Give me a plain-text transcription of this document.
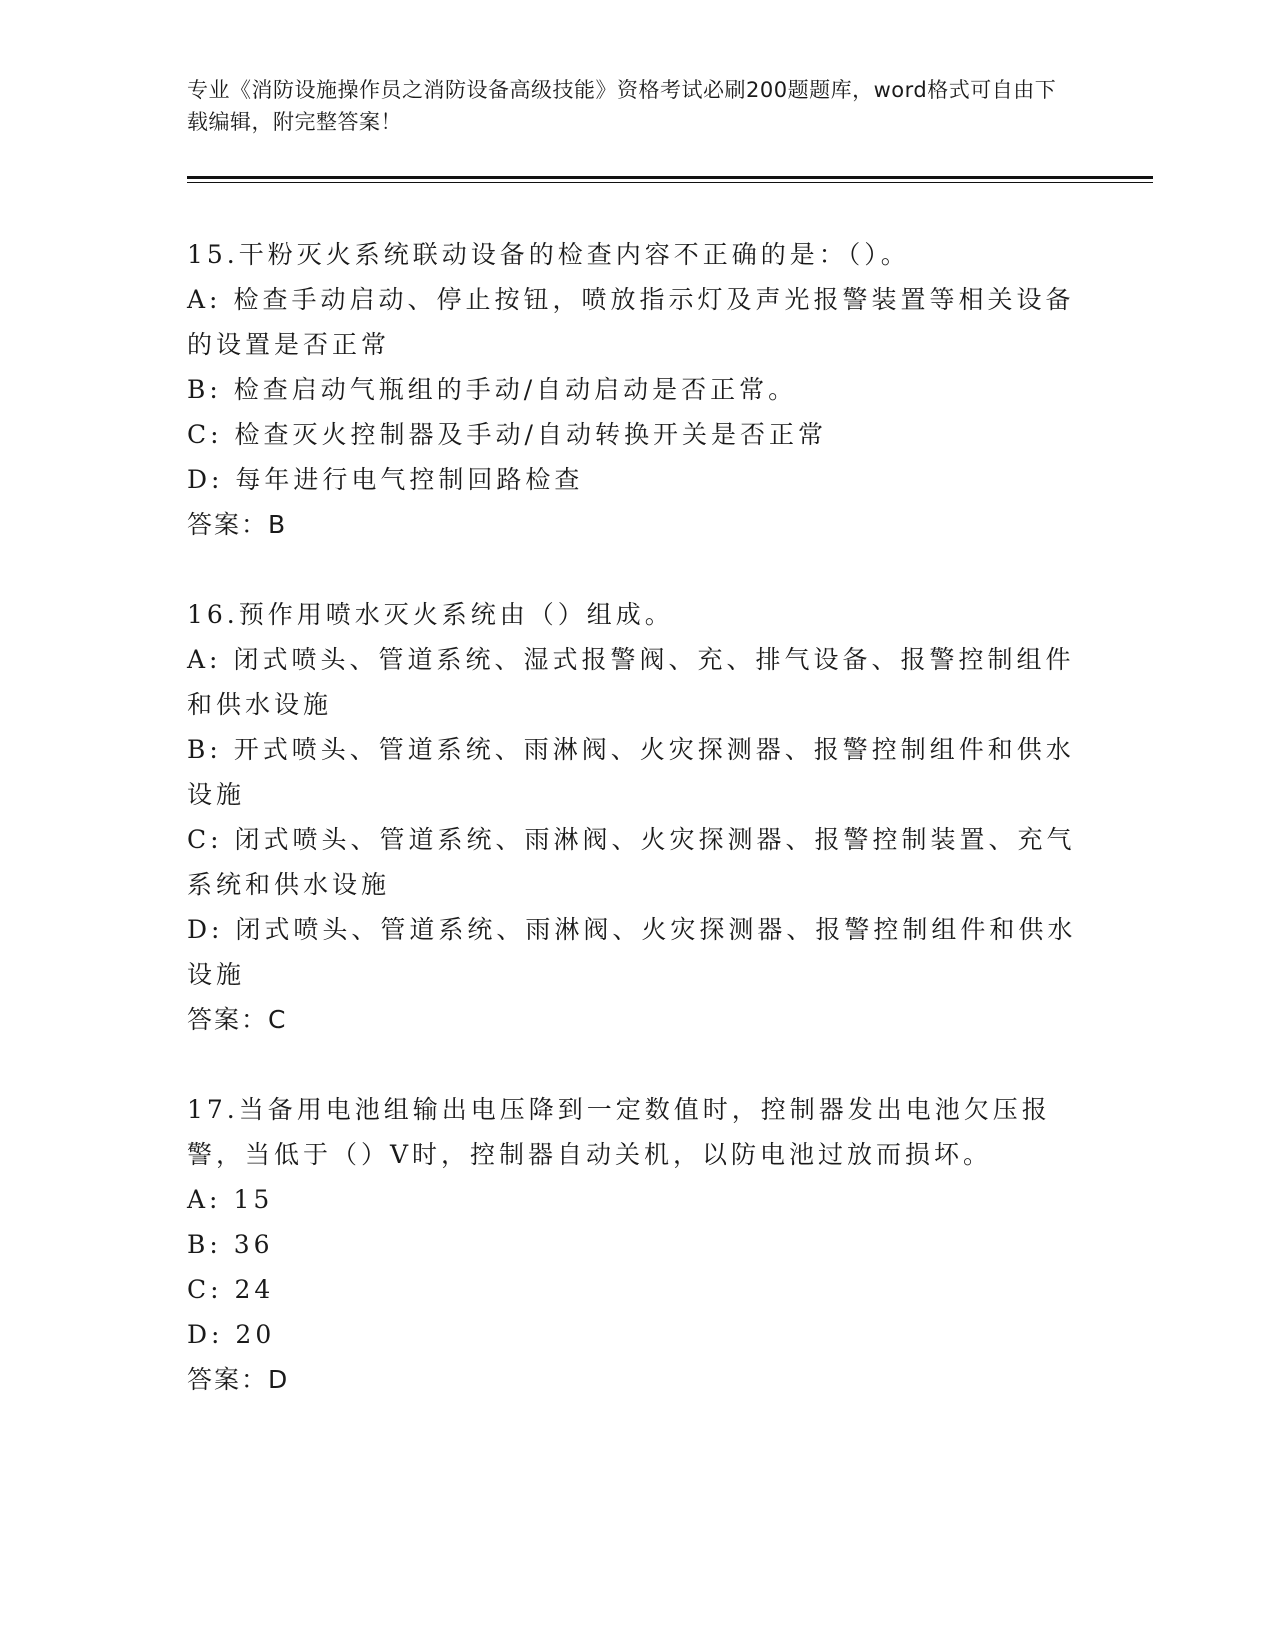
专业《消防设施操作员之消防设备高级技能》资格考试必刷200题题库，word格式可自由下载编辑，附完整答案！
15.干粉灭火系统联动设备的检查内容不正确的是：（）。
A: 检查手动启动、停止按钮，喷放指示灯及声光报警装置等相关设备的设置是否正常
B: 检查启动气瓶组的手动/自动启动是否正常。
C: 检查灭火控制器及手动/自动转换开关是否正常
D: 每年进行电气控制回路检查
答案：B
16.预作用喷水灭火系统由（）组成。
A: 闭式喷头、管道系统、湿式报警阀、充、排气设备、报警控制组件和供水设施
B: 开式喷头、管道系统、雨淋阀、火灾探测器、报警控制组件和供水设施
C: 闭式喷头、管道系统、雨淋阀、火灾探测器、报警控制装置、充气系统和供水设施
D: 闭式喷头、管道系统、雨淋阀、火灾探测器、报警控制组件和供水设施
答案：C
17.当备用电池组输出电压降到一定数值时，控制器发出电池欠压报警，当低于（）V时，控制器自动关机，以防电池过放而损坏。
A: 15
B: 36
C: 24
D: 20
答案：D
